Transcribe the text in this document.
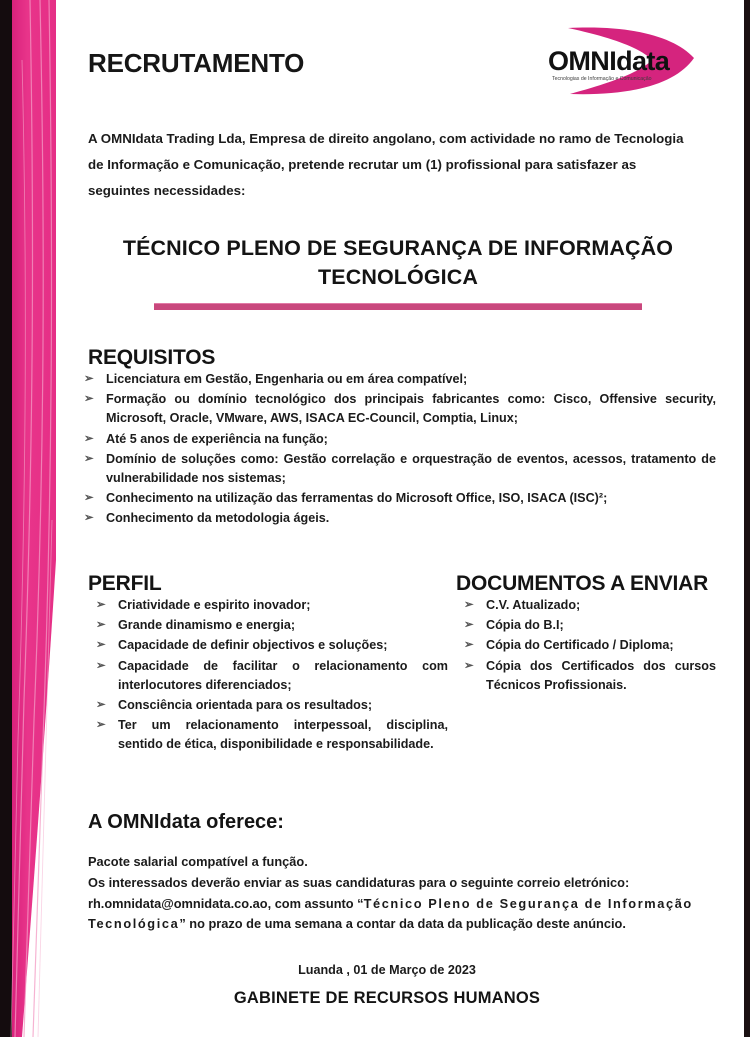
RECRUTAMENTO	OMNIdata
Tecnologias de Informação e Comunicação
A OMNIdata Trading Lda, Empresa de direito angolano, com actividade no ramo de Tecnologia de Informação e Comunicação, pretende recrutar um (1) profissional para satisfazer as seguintes necessidades:
TÉCNICO PLENO DE SEGURANÇA DE INFORMAÇÃO
TECNOLÓGICA
REQUISITOS
➢ Licenciatura em Gestão, Engenharia ou em área compatível;
➢ Formação ou domínio tecnológico dos principais fabricantes como: Cisco, Offensive security, Microsoft, Oracle, VMware, AWS, ISACA EC-Council, Comptia, Linux;
➢ Até 5 anos de experiência na função;
➢ Domínio de soluções como: Gestão correlação e orquestração de eventos, acessos, tratamento de vulnerabilidade nos sistemas;
➢ Conhecimento na utilização das ferramentas do Microsoft Office, ISO, ISACA (ISC)²;
➢ Conhecimento da metodologia ágeis.
PERFIL
➢ Criatividade e espirito inovador;
➢ Grande dinamismo e energia;
➢ Capacidade de definir objectivos e soluções;
➢ Capacidade de facilitar o relacionamento com interlocutores diferenciados;
➢ Consciência orientada para os resultados;
➢ Ter um relacionamento interpessoal, disciplina, sentido de ética, disponibilidade e responsabilidade.
DOCUMENTOS A ENVIAR
➢ C.V. Atualizado;
➢ Cópia do B.I;
➢ Cópia do Certificado / Diploma;
➢ Cópia dos Certificados dos cursos Técnicos Profissionais.
A OMNIdata oferece:

Pacote salarial compatível a função.

Os interessados deverão enviar as suas candidaturas para o seguinte correio eletrónico:

rh.omnidata@omnidata.co.ao, com assunto “Técnico Pleno de Segurança de Informação Tecnológica” no prazo de uma semana a contar da data da publicação deste anúncio.

Luanda , 01 de Março de 2023
GABINETE DE RECURSOS HUMANOS
